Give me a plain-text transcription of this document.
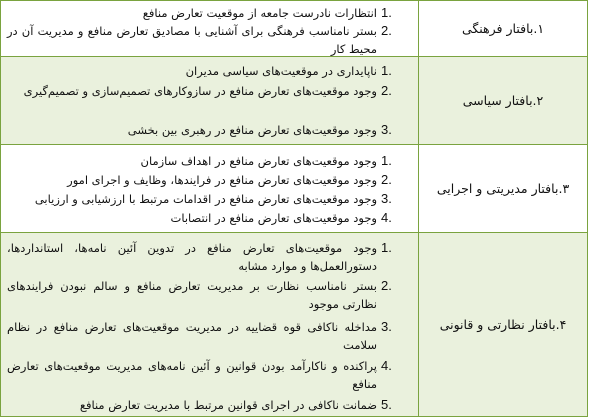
1.
انتظارات نادرست جامعه از موقعیت تعارض منافع
2.
بستر نامناسب فرهنگی برای آشنایی با مصادیق تعارض منافع و مدیریت آن در محیط کار
۱.بافتار فرهنگی
1.
ناپایداری در موقعیت‌های سیاسی مدیران
2.
وجود موقعیت‌های تعارض منافع در سازوکارهای تصمیم‌سازی و تصمیم‌گیری
3.
وجود موقعیت‌های تعارض منافع در رهبری بین بخشی
۲.بافتار سیاسی
1.
وجود موقعیت‌های تعارض منافع در اهداف سازمان
2.
وجود موقعیت‌های تعارض منافع در فرایندها، وظایف و اجرای امور
3.
وجود موقعیت‌های تعارض منافع در اقدامات مرتبط با ارزشیابی و ارزیابی
4.
وجود موقعیت‌های تعارض منافع در انتصابات
۳.بافتار مدیریتی و اجرایی
1.
وجود موقعیت‌های تعارض منافع در تدوین آئین نامه‌ها، استانداردها، دستورالعمل‌ها و موارد مشابه
2.
بستر نامناسب نظارت بر مدیریت تعارض منافع و سالم نبودن فرایندهای نظارتی موجود
3.
مداخله ناکافی قوه قضاییه در مدیریت موقعیت‌های تعارض منافع در نظام سلامت
4.
پراکنده و ناکارآمد بودن قوانین و آئین نامه‌های مدیریت موقعیت‌های تعارض منافع
5.
ضمانت ناکافی در اجرای قوانین مرتبط با مدیریت تعارض منافع
۴.بافتار نظارتی و قانونی
